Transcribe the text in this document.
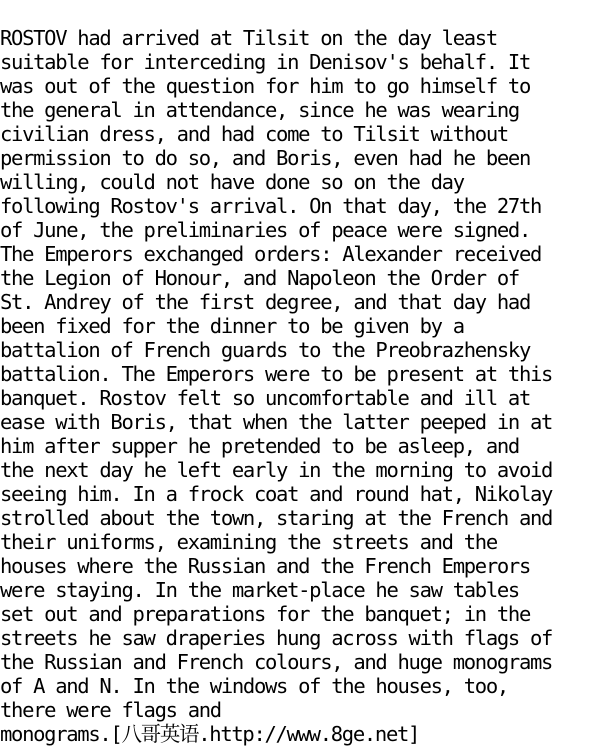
ROSTOV had arrived at Tilsit on the day least
suitable for interceding in Denisov's behalf. It
was out of the question for him to go himself to
the general in attendance, since he was wearing
civilian dress, and had come to Tilsit without
permission to do so, and Boris, even had he been
willing, could not have done so on the day
following Rostov's arrival. On that day, the 27th
of June, the preliminaries of peace were signed.
The Emperors exchanged orders: Alexander received
the Legion of Honour, and Napoleon the Order of
St. Andrey of the first degree, and that day had
been fixed for the dinner to be given by a
battalion of French guards to the Preobrazhensky
battalion. The Emperors were to be present at this
banquet. Rostov felt so uncomfortable and ill at
ease with Boris, that when the latter peeped in at
him after supper he pretended to be asleep, and
the next day he left early in the morning to avoid
seeing him. In a frock coat and round hat, Nikolay
strolled about the town, staring at the French and
their uniforms, examining the streets and the
houses where the Russian and the French Emperors
were staying. In the market-place he saw tables
set out and preparations for the banquet; in the
streets he saw draperies hung across with flags of
the Russian and French colours, and huge monograms
of A and N. In the windows of the houses, too,
there were flags and
monograms.[八哥英语.http://www.8ge.net]
